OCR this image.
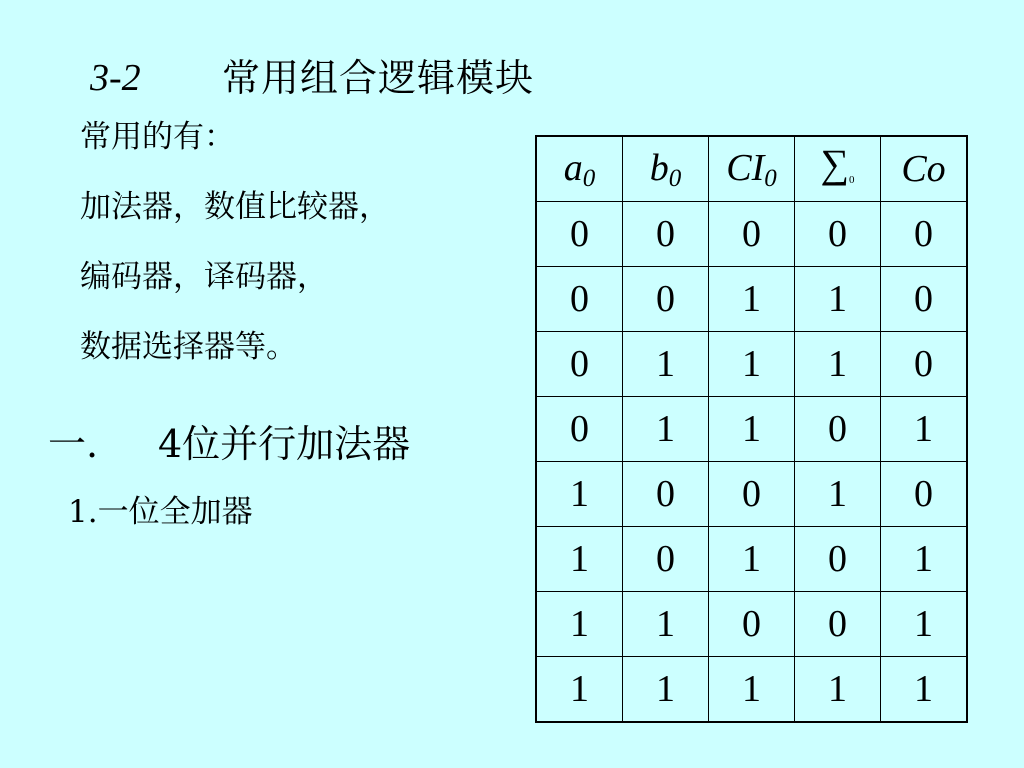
3-2 常用组合逻辑模块
常用的有：
加法器，数值比较器，
编码器，译码器，
数据选择器等。
一. 4位并行加法器
1.一位全加器
$a_0$	$b_0$	$CI_0$	∑0	Co
0	0	0	0	0
0	0	1	1	0
0	1	1	1	0
0	1	1	0	1
1	0	0	1	0
1	0	1	0	1
1	1	0	0	1
1	1	1	1	1
